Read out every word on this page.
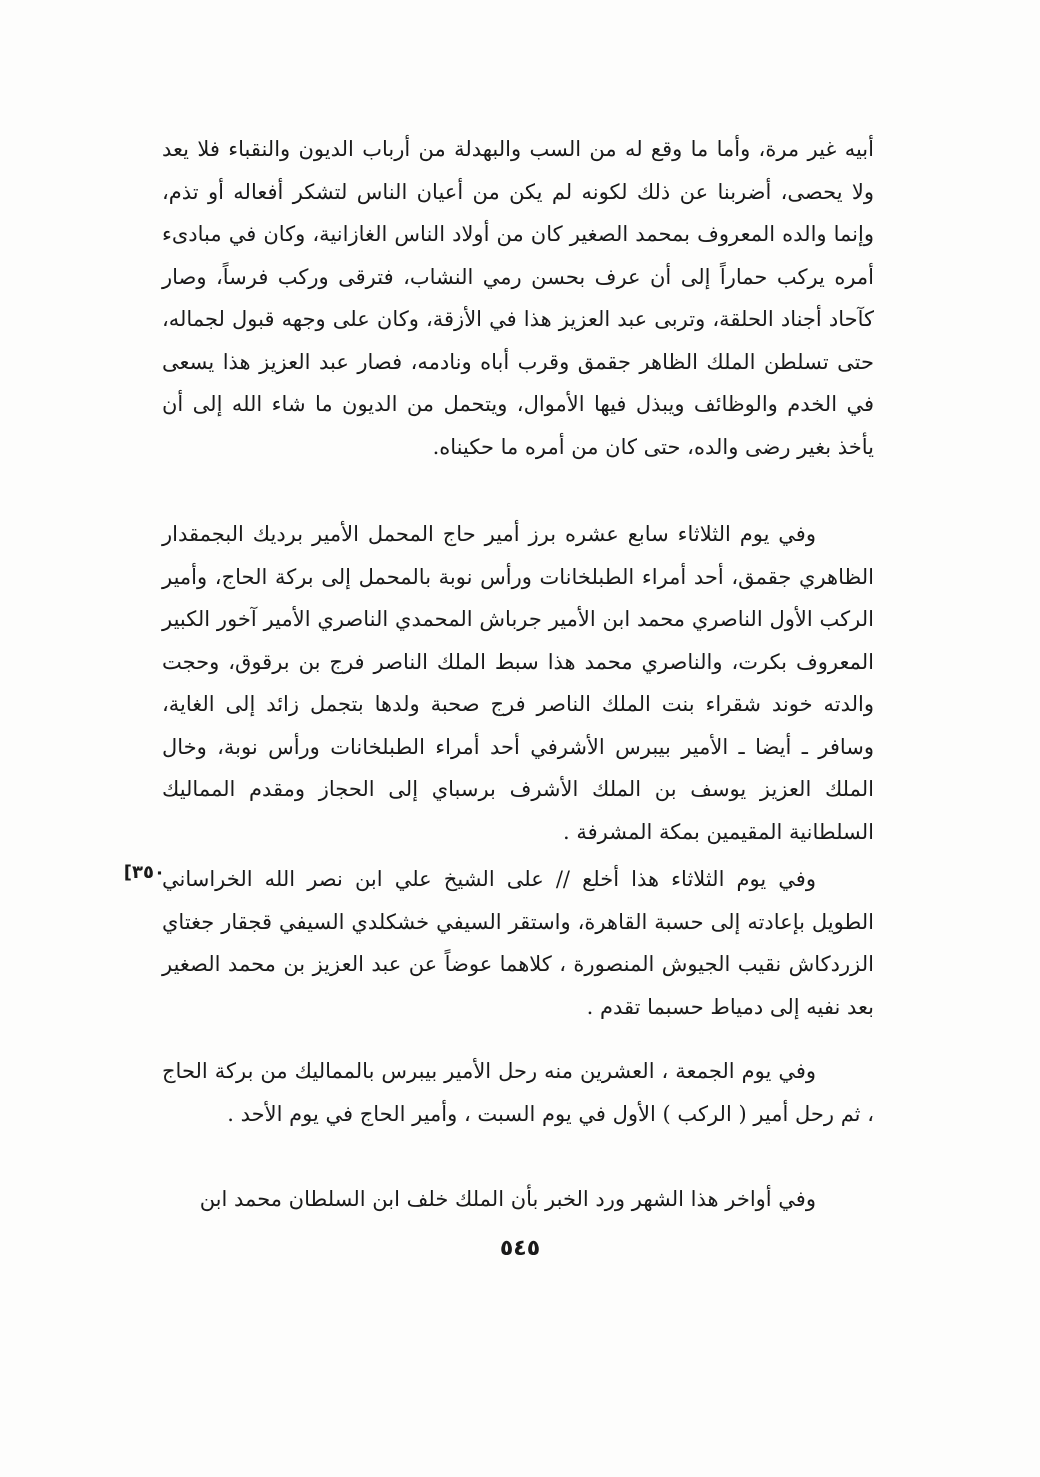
أبيه غير مرة، وأما ما وقع له من السب والبهدلة من أرباب الديون والنقباء فلا يعد ولا يحصى، أضربنا عن ذلك لكونه لم يكن من أعيان الناس لتشكر أفعاله أو تذم، وإنما والده المعروف بمحمد الصغير كان من أولاد الناس الغازانية، وكان في مبادىء أمره يركب حماراً إلى أن عرف بحسن رمي النشاب، فترقى وركب فرساً، وصار كآحاد أجناد الحلقة، وتربى عبد العزيز هذا في الأزقة، وكان على وجهه قبول لجماله، حتى تسلطن الملك الظاهر جقمق وقرب أباه ونادمه، فصار عبد العزيز هذا يسعى في الخدم والوظائف ويبذل فيها الأموال، ويتحمل من الديون ما شاء الله إلى أن يأخذ بغير رضى والده، حتى كان من أمره ما حكيناه.

وفي يوم الثلاثاء سابع عشره برز أمير حاج المحمل الأمير برديك البجمقدار الظاهري جقمق، أحد أمراء الطبلخانات ورأس نوبة بالمحمل إلى بركة الحاج، وأمير الركب الأول الناصري محمد ابن الأمير جرباش المحمدي الناصري الأمير آخور الكبير المعروف بكرت، والناصري محمد هذا سبط الملك الناصر فرج بن برقوق، وحجت والدته خوند شقراء بنت الملك الناصر فرج صحبة ولدها بتجمل زائد إلى الغاية، وسافر ـ أيضا ـ الأمير بيبرس الأشرفي أحد أمراء الطبلخانات ورأس نوبة، وخال الملك العزيز يوسف بن الملك الأشرف برسباي إلى الحجاز ومقدم المماليك السلطانية المقيمين بمكة المشرفة .

[٣٥٠

وفي يوم الثلاثاء هذا أخلع // على الشيخ علي ابن نصر الله الخراساني الطويل بإعادته إلى حسبة القاهرة، واستقر السيفي خشكلدي السيفي قجقار جغتاي الزردكاش نقيب الجيوش المنصورة ، كلاهما عوضاً عن عبد العزيز بن محمد الصغير بعد نفيه إلى دمياط حسبما تقدم .

وفي يوم الجمعة ، العشرين منه رحل الأمير بيبرس بالمماليك من بركة الحاج ، ثم رحل أمير ( الركب ) الأول في يوم السبت ، وأمير الحاج في يوم الأحد .

وفي أواخر هذا الشهر ورد الخبر بأن الملك خلف ابن السلطان محمد ابن

٥٤٥
